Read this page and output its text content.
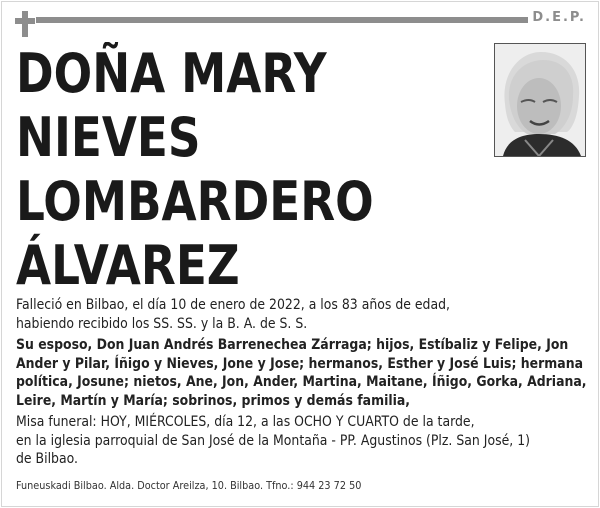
D.E.P.
DOÑA MARY
NIEVES
LOMBARDERO
ÁLVAREZ
Falleció en Bilbao, el día 10 de enero de 2022, a los 83 años de edad,
habiendo recibido los SS. SS. y la B. A. de S. S.
Su esposo, Don Juan Andrés Barrenechea Zárraga; hijos, Estíbaliz y Felipe, Jon
Ander y Pilar, Íñigo y Nieves, Jone y Jose; hermanos, Esther y José Luis; hermana
política, Josune; nietos, Ane, Jon, Ander, Martina, Maitane, Íñigo, Gorka, Adriana,
Leire, Martín y María; sobrinos, primos y demás familia,
Misa funeral: HOY, MIÉRCOLES, día 12, a las OCHO Y CUARTO de la tarde,
en la iglesia parroquial de San José de la Montaña - PP. Agustinos (Plz. San José, 1)
de Bilbao.
Funeuskadi Bilbao. Alda. Doctor Areilza, 10. Bilbao. Tfno.: 944 23 72 50
